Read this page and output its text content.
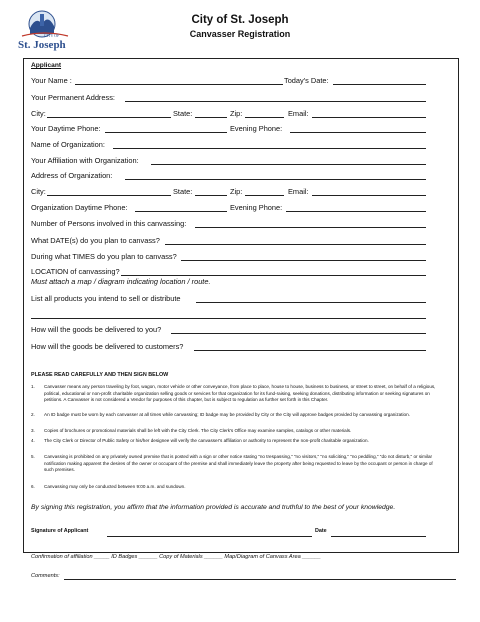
CITY OF
St. Joseph
City of St. Joseph
Canvasser Registration
Applicant
Your Name :	Today's Date:
Your Permanent Address:
City:	State:	Zip:	Email:
Your Daytime Phone:	Evening Phone:
Name of Organization:
Your Affiliation with Organization:
Address of Organization:
City:	State:	Zip:	Email:
Organization Daytime Phone:	Evening Phone:
Number of Persons involved in this canvassing:
What DATE(s) do you plan to canvass?
During what TIMES do you plan to canvass?
LOCATION of canvassing?
Must attach a map / diagram indicating location / route.
List all products you intend to sell or distribute
How will the goods be delivered to you?
How will the goods be delivered to customers?
PLEASE READ CAREFULLY AND THEN SIGN BELOW
1. Canvasser means any person traveling by foot, wagon, motor vehicle or other conveyance, from place to place, house to house, business to business, or street to street, on behalf of a religious, political, educational or non-profit charitable organization selling goods or services for that organization for its fund-raising, seeking donations, distributing information or seeking signatures on petitions. A Canvasser is not considered a Vendor for purposes of this chapter, but is subject to regulation as further set forth in this Chapter.
2. An ID badge must be worn by each canvasser at all times while canvassing; ID badge may be provided by City or the City will approve badges provided by canvassing organization.
3. Copies of brochures or promotional materials shall be left with the City Clerk. The City Clerk's Office may examine samples, catalogs or other materials.
4. The City Clerk or Director of Public Safety or his/her designee will verify the canvasser's affiliation or authority to represent the non-profit charitable organization.
5. Canvassing is prohibited on any privately owned premise that is posted with a sign or other notice stating "no trespassing," "no visitors," "no soliciting," "no peddling," "do not disturb," or similar notification making apparent the desires of the owner or occupant of the premise and shall immediately leave the property after being requested to leave by the occupant or person in charge of such premises.
6. Canvassing may only be conducted between 9:00 a.m. and sundown.
By signing this registration, you affirm that the information provided is accurate and truthful to the best of your knowledge.
Signature of Applicant	Date
Confirmation of affiliation _____ ID Badges ______ Copy of Materials ______ Map/Diagram of Canvass Area ______
Comments:
